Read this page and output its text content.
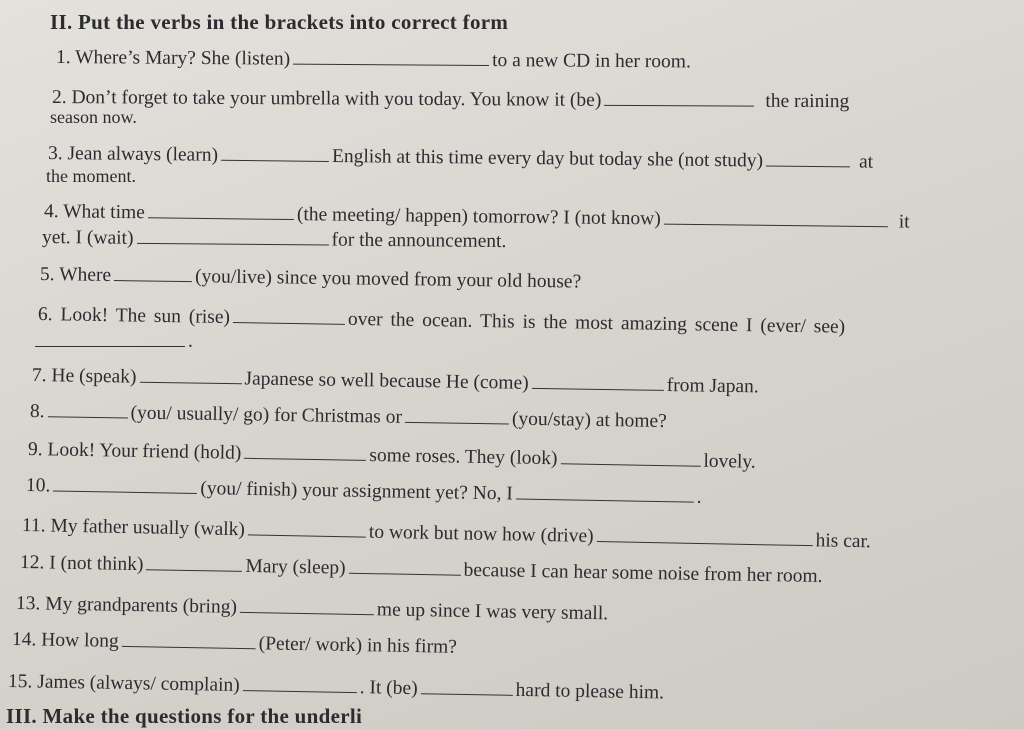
II. Put the verbs in the brackets into correct form
1. Where’s Mary? She (listen)	to a new CD in her room.
2. Don’t forget to take your umbrella with you today. You know it (be)	the raining
season now.
3. Jean always (learn)	English at this time every day but today she (not study)	at
the moment.
4. What time	(the meeting/ happen) tomorrow? I (not know)	it
yet. I (wait)	for the announcement.
5. Where	(you/live) since you moved from your old house?
6. Look! The sun (rise)	over the ocean. This is the most amazing scene I (ever/ see)
.
7. He (speak)	Japanese so well because He (come)	from Japan.
8.	(you/ usually/ go) for Christmas or	(you/stay) at home?
9. Look! Your friend (hold)	some roses. They (look)	lovely.
10.	(you/ finish) your assignment yet? No, I	.
11. My father usually (walk)	to work but now how (drive)	his car.
12. I (not think)	Mary (sleep)	because I can hear some noise from her room.
13. My grandparents (bring)	me up since I was very small.
14. How long	(Peter/ work) in his firm?
15. James (always/ complain)	. It (be)	hard to please him.
III. Make the questions for the underli
